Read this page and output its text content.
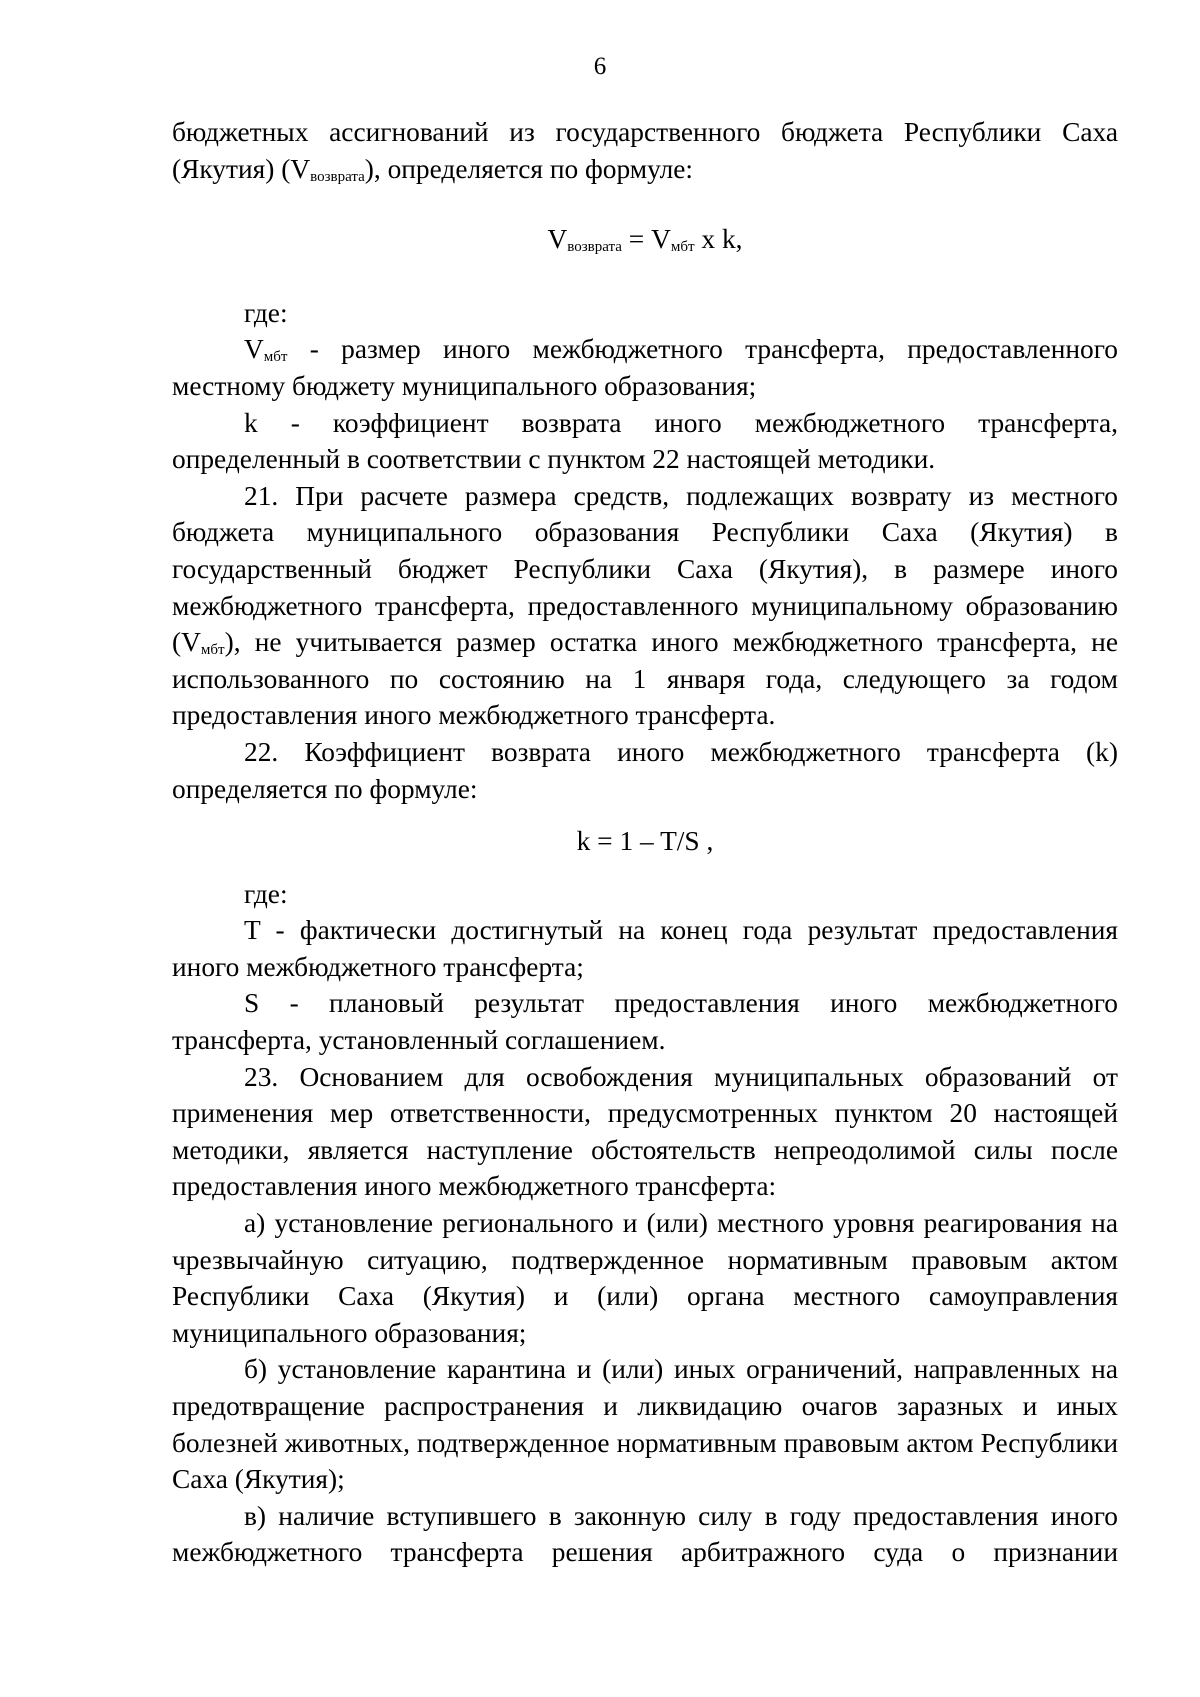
6

бюджетных ассигнований из государственного бюджета Республики Саха (Якутия) $(V_{возврата})$, определяется по формуле:

$V_{возврата} = V_{мбт}$ x k,

где:

$V_{мбт}$ - размер иного межбюджетного трансферта, предоставленного местному бюджету муниципального образования;

k - коэффициент возврата иного межбюджетного трансферта, определенный в соответствии с пунктом 22 настоящей методики.

21. При расчете размера средств, подлежащих возврату из местного бюджета муниципального образования Республики Саха (Якутия) в государственный бюджет Республики Саха (Якутия), в размере иного межбюджетного трансферта, предоставленного муниципальному образованию $(V_{мбт})$, не учитывается размер остатка иного межбюджетного трансферта, не использованного по состоянию на 1 января года, следующего за годом предоставления иного межбюджетного трансферта.

22. Коэффициент возврата иного межбюджетного трансферта (k) определяется по формуле:

k = 1 – T/S ,

где:

T - фактически достигнутый на конец года результат предоставления иного межбюджетного трансферта;

S - плановый результат предоставления иного межбюджетного трансферта, установленный соглашением.

23. Основанием для освобождения муниципальных образований от применения мер ответственности, предусмотренных пунктом 20 настоящей методики, является наступление обстоятельств непреодолимой силы после предоставления иного межбюджетного трансферта:

а) установление регионального и (или) местного уровня реагирования на чрезвычайную ситуацию, подтвержденное нормативным правовым актом Республики Саха (Якутия) и (или) органа местного самоуправления муниципального образования;

б) установление карантина и (или) иных ограничений, направленных на предотвращение распространения и ликвидацию очагов заразных и иных болезней животных, подтвержденное нормативным правовым актом Республики Саха (Якутия);

в) наличие вступившего в законную силу в году предоставления иного межбюджетного трансферта решения арбитражного суда о признании
